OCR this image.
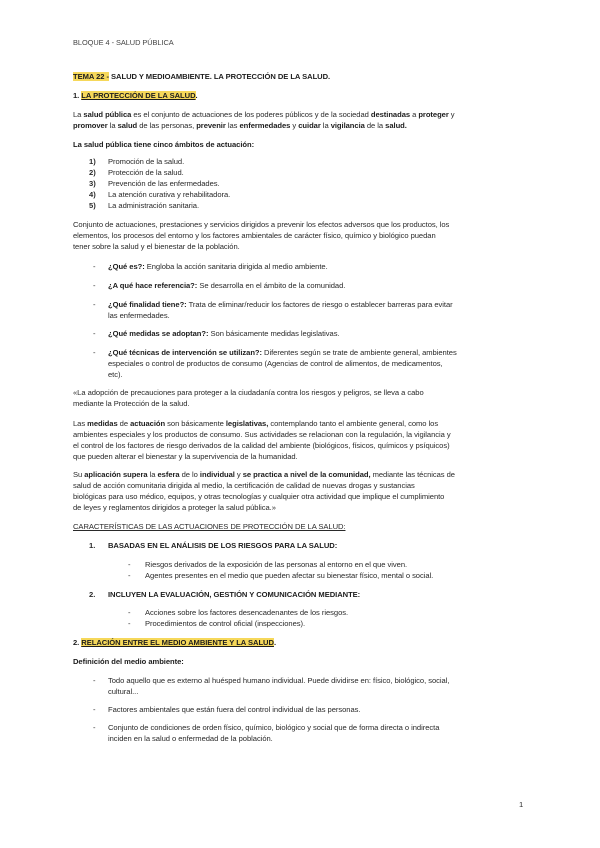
BLOQUE 4 - SALUD PÚBLICA
TEMA 22 - SALUD Y MEDIOAMBIENTE. LA PROTECCIÓN DE LA SALUD.
1. LA PROTECCIÓN DE LA SALUD.
La salud pública es el conjunto de actuaciones de los poderes públicos y de la sociedad destinadas a proteger y
promover la salud de las personas, prevenir las enfermedades y cuidar la vigilancia de la salud.
La salud pública tiene cinco ámbitos de actuación:
1) Promoción de la salud.
2) Protección de la salud.
3) Prevención de las enfermedades.
4) La atención curativa y rehabilitadora.
5) La administración sanitaria.
Conjunto de actuaciones, prestaciones y servicios dirigidos a prevenir los efectos adversos que los productos, los
elementos, los procesos del entorno y los factores ambientales de carácter físico, químico y biológico puedan
tener sobre la salud y el bienestar de la población.
- ¿Qué es?: Engloba la acción sanitaria dirigida al medio ambiente.
- ¿A qué hace referencia?: Se desarrolla en el ámbito de la comunidad.
- ¿Qué finalidad tiene?: Trata de eliminar/reducir los factores de riesgo o establecer barreras para evitar
las enfermedades.
- ¿Qué medidas se adoptan?: Son básicamente medidas legislativas.
- ¿Qué técnicas de intervención se utilizan?: Diferentes según se trate de ambiente general, ambientes
especiales o control de productos de consumo (Agencias de control de alimentos, de medicamentos,
etc).
«La adopción de precauciones para proteger a la ciudadanía contra los riesgos y peligros, se lleva a cabo
mediante la Protección de la salud.
Las medidas de actuación son básicamente legislativas, contemplando tanto el ambiente general, como los
ambientes especiales y los productos de consumo. Sus actividades se relacionan con la regulación, la vigilancia y
el control de los factores de riesgo derivados de la calidad del ambiente (biológicos, físicos, químicos y psíquicos)
que pueden alterar el bienestar y la supervivencia de la humanidad.
Su aplicación supera la esfera de lo individual y se practica a nivel de la comunidad, mediante las técnicas de
salud de acción comunitaria dirigida al medio, la certificación de calidad de nuevas drogas y sustancias
biológicas para uso médico, equipos, y otras tecnologías y cualquier otra actividad que implique el cumplimiento
de leyes y reglamentos dirigidos a proteger la salud pública.»
CARACTERÍSTICAS DE LAS ACTUACIONES DE PROTECCIÓN DE LA SALUD:
1. BASADAS EN EL ANÁLISIS DE LOS RIESGOS PARA LA SALUD:
- Riesgos derivados de la exposición de las personas al entorno en el que viven.
- Agentes presentes en el medio que pueden afectar su bienestar físico, mental o social.
2. INCLUYEN LA EVALUACIÓN, GESTIÓN Y COMUNICACIÓN MEDIANTE:
- Acciones sobre los factores desencadenantes de los riesgos.
- Procedimientos de control oficial (inspecciones).
2. RELACIÓN ENTRE EL MEDIO AMBIENTE Y LA SALUD.
Definición del medio ambiente:
- Todo aquello que es externo al huésped humano individual. Puede dividirse en: físico, biológico, social,
cultural...
- Factores ambientales que están fuera del control individual de las personas.
- Conjunto de condiciones de orden físico, químico, biológico y social que de forma directa o indirecta
inciden en la salud o enfermedad de la población.
1
